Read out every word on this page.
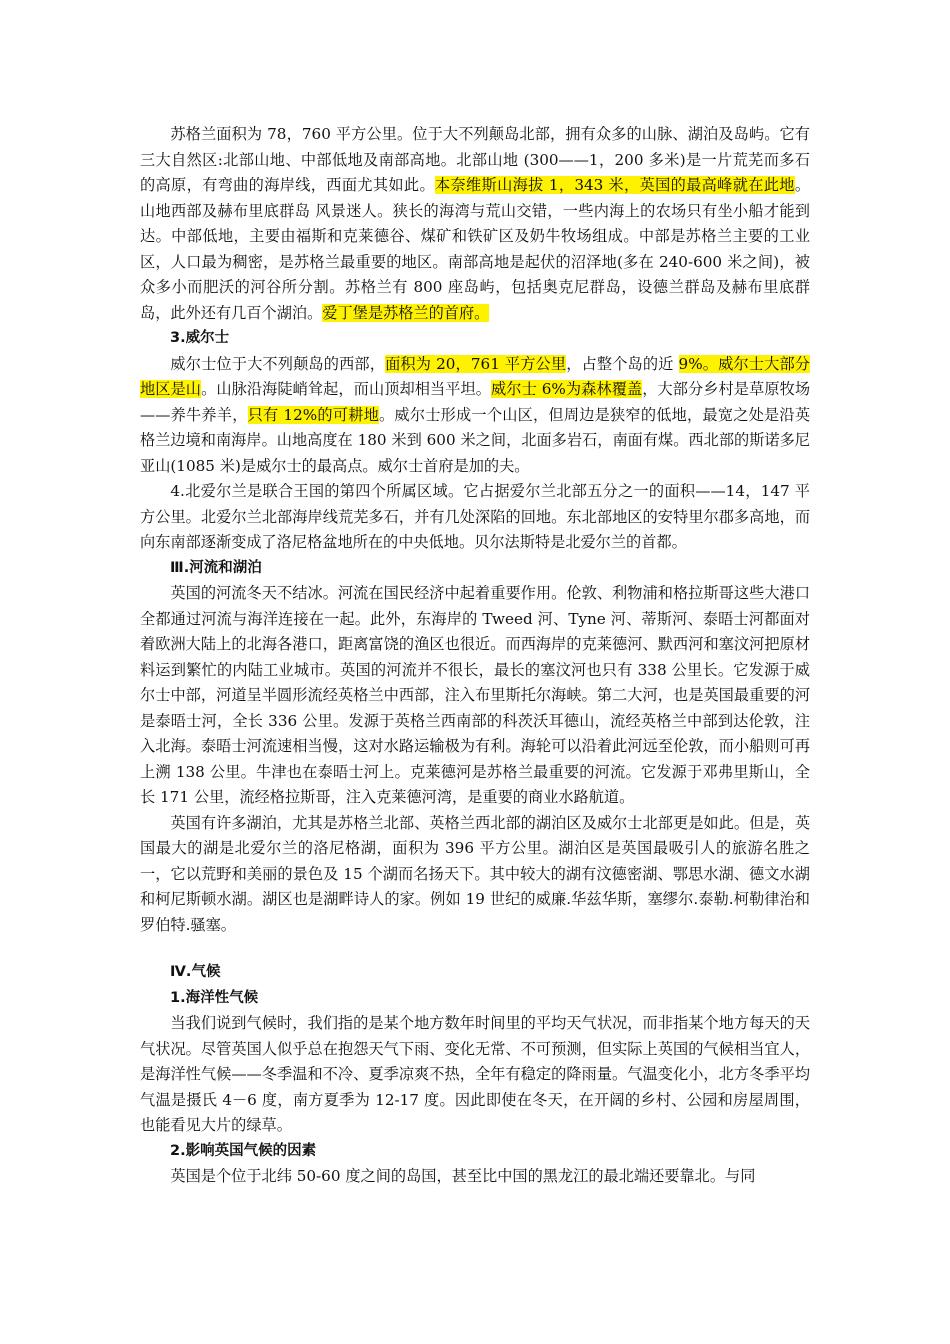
苏格兰面积为 78，760 平方公里。位于大不列颠岛北部，拥有众多的山脉、湖泊及岛屿。它有三大自然区:北部山地、中部低地及南部高地。北部山地 (300——1，200 多米)是一片荒芜而多石的高原，有弯曲的海岸线，西面尤其如此。本奈维斯山海拔 1，343 米，英国的最高峰就在此地。山地西部及赫布里底群岛 风景迷人。狭长的海湾与荒山交错，一些内海上的农场只有坐小船才能到达。中部低地，主要由福斯和克莱德谷、煤矿和铁矿区及奶牛牧场组成。中部是苏格兰主要的工业区，人口最为稠密，是苏格兰最重要的地区。南部高地是起伏的沼泽地(多在 240-600 米之间)，被众多小而肥沃的河谷所分割。苏格兰有 800 座岛屿，包括奥克尼群岛，设德兰群岛及赫布里底群岛，此外还有几百个湖泊。爱丁堡是苏格兰的首府。

3.威尔士

威尔士位于大不列颠岛的西部，面积为 20，761 平方公里，占整个岛的近 9%。威尔士大部分地区是山。山脉沿海陡峭耸起，而山顶却相当平坦。威尔士 6%为森林覆盖，大部分乡村是草原牧场——养牛养羊，只有 12%的可耕地。威尔士形成一个山区，但周边是狭窄的低地，最宽之处是沿英格兰边境和南海岸。山地高度在 180 米到 600 米之间，北面多岩石，南面有煤。西北部的斯诺多尼亚山(1085 米)是威尔士的最高点。威尔士首府是加的夫。

4.北爱尔兰是联合王国的第四个所属区域。它占据爱尔兰北部五分之一的面积——14，147 平方公里。北爱尔兰北部海岸线荒芜多石，并有几处深陷的回地。东北部地区的安特里尔郡多高地，而向东南部逐渐变成了洛尼格盆地所在的中央低地。贝尔法斯特是北爱尔兰的首都。

Ⅲ.河流和湖泊

英国的河流冬天不结冰。河流在国民经济中起着重要作用。伦敦、利物浦和格拉斯哥这些大港口全都通过河流与海洋连接在一起。此外，东海岸的 Tweed 河、Tyne 河、蒂斯河、泰晤士河都面对着欧洲大陆上的北海各港口，距离富饶的渔区也很近。而西海岸的克莱德河、默西河和塞汶河把原材料运到繁忙的内陆工业城市。英国的河流并不很长，最长的塞汶河也只有 338 公里长。它发源于威尔士中部，河道呈半圆形流经英格兰中西部，注入布里斯托尔海峡。第二大河，也是英国最重要的河是泰晤士河，全长 336 公里。发源于英格兰西南部的科茨沃耳德山，流经英格兰中部到达伦敦，注入北海。泰晤士河流速相当慢，这对水路运输极为有利。海轮可以沿着此河远至伦敦，而小船则可再上溯 138 公里。牛津也在泰晤士河上。克莱德河是苏格兰最重要的河流。它发源于邓弗里斯山，全长 171 公里，流经格拉斯哥，注入克莱德河湾，是重要的商业水路航道。

英国有许多湖泊，尤其是苏格兰北部、英格兰西北部的湖泊区及威尔士北部更是如此。但是，英国最大的湖是北爱尔兰的洛尼格湖，面积为 396 平方公里。湖泊区是英国最吸引人的旅游名胜之一，它以荒野和美丽的景色及 15 个湖而名扬天下。其中较大的湖有汶德密湖、鄂思水湖、德文水湖和柯尼斯顿水湖。湖区也是湖畔诗人的家。例如 19 世纪的威廉.华兹华斯，塞缪尔.泰勒.柯勒律治和罗伯特.骚塞。

Ⅳ.气候

1.海洋性气候

当我们说到气候时，我们指的是某个地方数年时间里的平均天气状况，而非指某个地方每天的天气状况。尽管英国人似乎总在抱怨天气下雨、变化无常、不可预测，但实际上英国的气候相当宜人，是海洋性气候——冬季温和不冷、夏季凉爽不热，全年有稳定的降雨量。气温变化小，北方冬季平均气温是摄氏 4－6 度，南方夏季为 12-17 度。因此即使在冬天，在开阔的乡村、公园和房屋周围，也能看见大片的绿草。

2.影响英国气候的因素

英国是个位于北纬 50-60 度之间的岛国，甚至比中国的黑龙江的最北端还要靠北。与同
